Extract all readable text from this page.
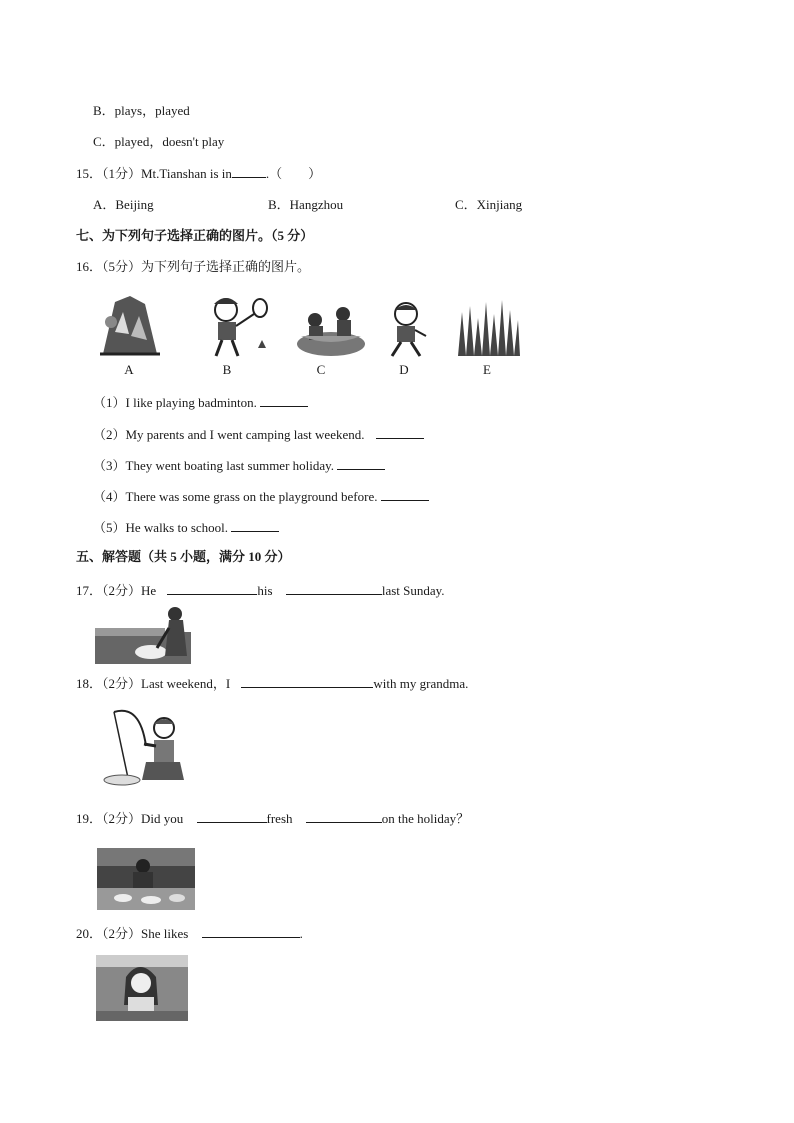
B．plays，played
C．played，doesn't play
15．（1分）Mt.Tianshan is in	.（　　）
A．Beijing	B．Hangzhou	C．Xinjiang
七、为下列句子选择正确的图片。（5 分）
16．（5分）为下列句子选择正确的图片。
A	B	C	D	E
（1）I like playing badminton.
（2）My parents and I went camping last weekend.
（3）They went boating last summer holiday.
（4）There was some grass on the playground before.
（5）He walks to school.
五、解答题（共 5 小题，满分 10 分）
17．（2分）He	his	last Sunday.
18．（2分）Last weekend，I	with my grandma.
19．（2分）Did you	fresh	on the holiday？
20．（2分）She likes	.
